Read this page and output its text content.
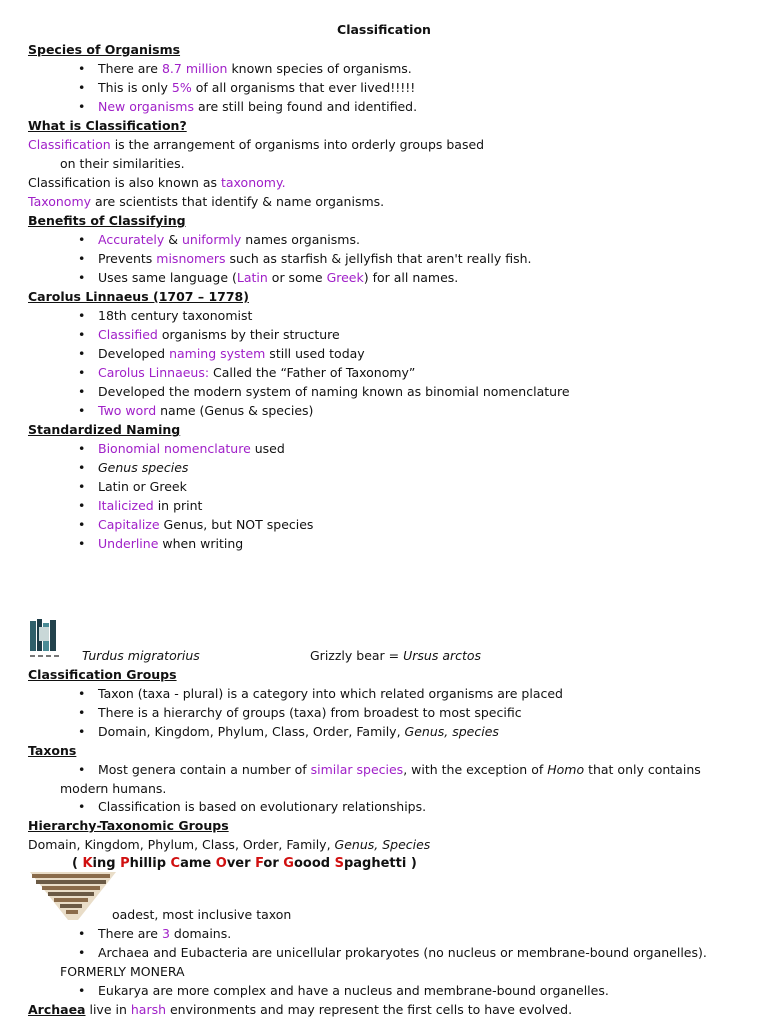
Classification
Species of Organisms
• There are 8.7 million known species of organisms.
• This is only 5% of all organisms that ever lived!!!!!
• New organisms are still being found and identified.
What is Classification?
Classification is the arrangement of organisms into orderly groups based
on their similarities.
Classification is also known as taxonomy.
Taxonomy are scientists that identify & name organisms.
Benefits of Classifying
• Accurately & uniformly names organisms.
• Prevents misnomers such as starfish & jellyfish that aren't really fish.
• Uses same language (Latin or some Greek) for all names.
Carolus Linnaeus (1707 – 1778)
• 18th century taxonomist
• Classified organisms by their structure
• Developed naming system still used today
• Carolus Linnaeus: Called the “Father of Taxonomy”
• Developed the modern system of naming known as binomial nomenclature
• Two word name (Genus & species)
Standardized Naming
• Bionomial nomenclature used
• Genus species
• Latin or Greek
• Italicized in print
• Capitalize Genus, but NOT species
• Underline when writing
Turdus migratorius	Grizzly bear = Ursus arctos
Classification Groups
• Taxon (taxa - plural) is a category into which related organisms are placed
• There is a hierarchy of groups (taxa) from broadest to most specific
• Domain, Kingdom, Phylum, Class, Order, Family, Genus, species
Taxons
• Most genera contain a number of similar species, with the exception of Homo that only contains
modern humans.
• Classification is based on evolutionary relationships.
Hierarchy-Taxonomic Groups
Domain, Kingdom, Phylum, Class, Order, Family, Genus, Species
( King Phillip Came Over For Goood Spaghetti )
oadest, most inclusive taxon
• There are 3 domains.
• Archaea and Eubacteria are unicellular prokaryotes (no nucleus or membrane-bound organelles).
FORMERLY MONERA
• Eukarya are more complex and have a nucleus and membrane-bound organelles.
Archaea live in harsh environments and may represent the first cells to have evolved.
